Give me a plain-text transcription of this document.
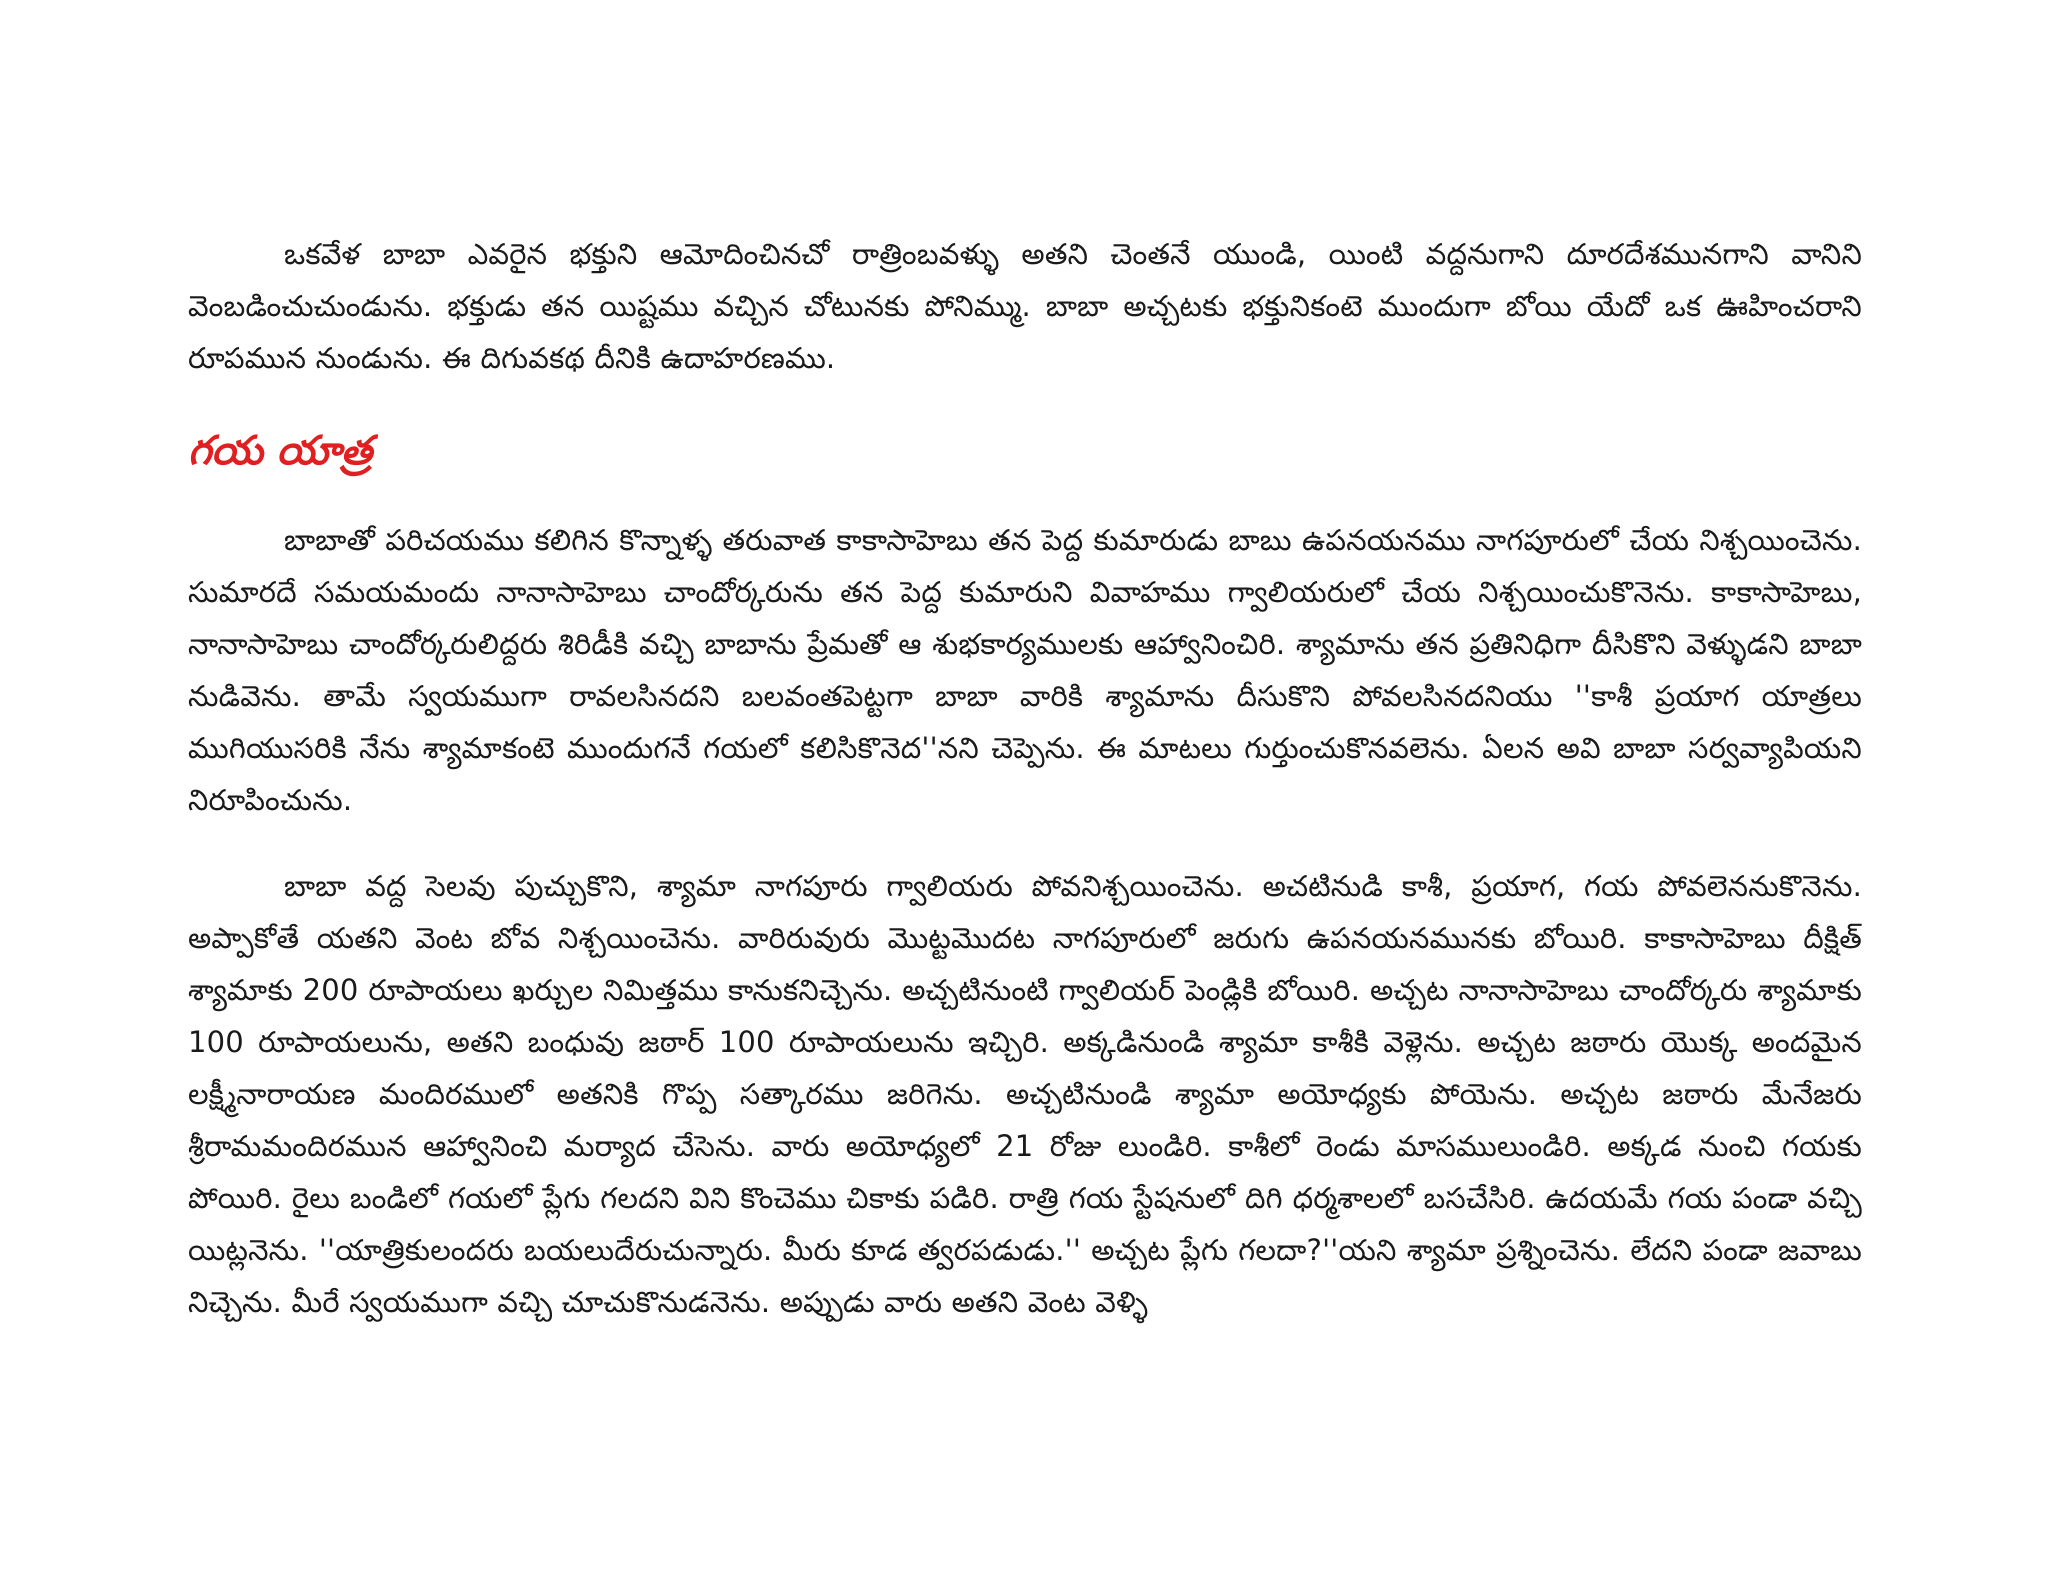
ఒకవేళ బాబా ఎవరైన భక్తుని ఆమోదించినచో రాత్రింబవళ్ళు అతని చెంతనే యుండి, యింటి వద్దనుగాని దూరదేశమునగాని వానిని వెంబడించుచుండును. భక్తుడు తన యిష్టము వచ్చిన చోటునకు పోనిమ్ము. బాబా అచ్చటకు భక్తునికంటె ముందుగా బోయి యేదో ఒక ఊహించరాని రూపమున నుండును. ఈ దిగువకథ దీనికి ఉదాహరణము.

గయ యాత్ర

బాబాతో పరిచయము కలిగిన కొన్నాళ్ళ తరువాత కాకాసాహెబు తన పెద్ద కుమారుడు బాబు ఉపనయనము నాగపూరులో చేయ నిశ్చయించెను. సుమారదే సమయమందు నానాసాహెబు చాందోర్కరును తన పెద్ద కుమారుని వివాహము గ్వాలియరులో చేయ నిశ్చయించుకొనెను. కాకాసాహెబు, నానాసాహెబు చాందోర్కరులిద్దరు శిరిడీకి వచ్చి బాబాను ప్రేమతో ఆ శుభకార్యములకు ఆహ్వానించిరి. శ్యామాను తన ప్రతినిధిగా దీసికొని వెళ్ళుడని బాబా నుడివెను. తామే స్వయముగా రావలసినదని బలవంతపెట్టగా బాబా వారికి శ్యామాను దీసుకొని పోవలసినదనియు ''కాశీ ప్రయాగ యాత్రలు ముగియుసరికి నేను శ్యామాకంటె ముందుగనే గయలో కలిసికొనెద''నని చెప్పెను. ఈ మాటలు గుర్తుంచుకొనవలెను. ఏలన అవి బాబా సర్వవ్యాపియని నిరూపించును.

బాబా వద్ద సెలవు పుచ్చుకొని, శ్యామా నాగపూరు గ్వాలియరు పోవనిశ్చయించెను. అచటినుడి కాశీ, ప్రయాగ, గయ పోవలెననుకొనెను. అప్పాకోతే యతని వెంట బోవ నిశ్చయించెను. వారిరువురు మొట్టమొదట నాగపూరులో జరుగు ఉపనయనమునకు బోయిరి. కాకాసాహెబు దీక్షిత్ శ్యామాకు 200 రూపాయలు ఖర్చుల నిమిత్తము కానుకనిచ్చెను. అచ్చటినుంటి గ్వాలియర్ పెండ్లికి బోయిరి. అచ్చట నానాసాహెబు చాందోర్కరు శ్యామాకు 100 రూపాయలును, అతని బంధువు జఠార్ 100 రూపాయలును ఇచ్చిరి. అక్కడినుండి శ్యామా కాశీకి వెళ్లెను. అచ్చట జఠారు యొక్క అందమైన లక్ష్మీనారాయణ మందిరములో అతనికి గొప్ప సత్కారము జరిగెను. అచ్చటినుండి శ్యామా అయోధ్యకు పోయెను. అచ్చట జఠారు మేనేజరు శ్రీరామమందిరమున ఆహ్వానించి మర్యాద చేసెను. వారు అయోధ్యలో 21 రోజు లుండిరి. కాశీలో రెండు మాసములుండిరి. అక్కడ నుంచి గయకు పోయిరి. రైలు బండిలో గయలో ప్లేగు గలదని విని కొంచెము చికాకు పడిరి. రాత్రి గయ స్టేషనులో దిగి ధర్మశాలలో బసచేసిరి. ఉదయమే గయ పండా వచ్చి యిట్లనెను. ''యాత్రికులందరు బయలుదేరుచున్నారు. మీరు కూడ త్వరపడుడు.'' అచ్చట ప్లేగు గలదా?''యని శ్యామా ప్రశ్నించెను. లేదని పండా జవాబు నిచ్చెను. మీరే స్వయముగా వచ్చి చూచుకొనుడనెను. అప్పుడు వారు అతని వెంట వెళ్ళి
